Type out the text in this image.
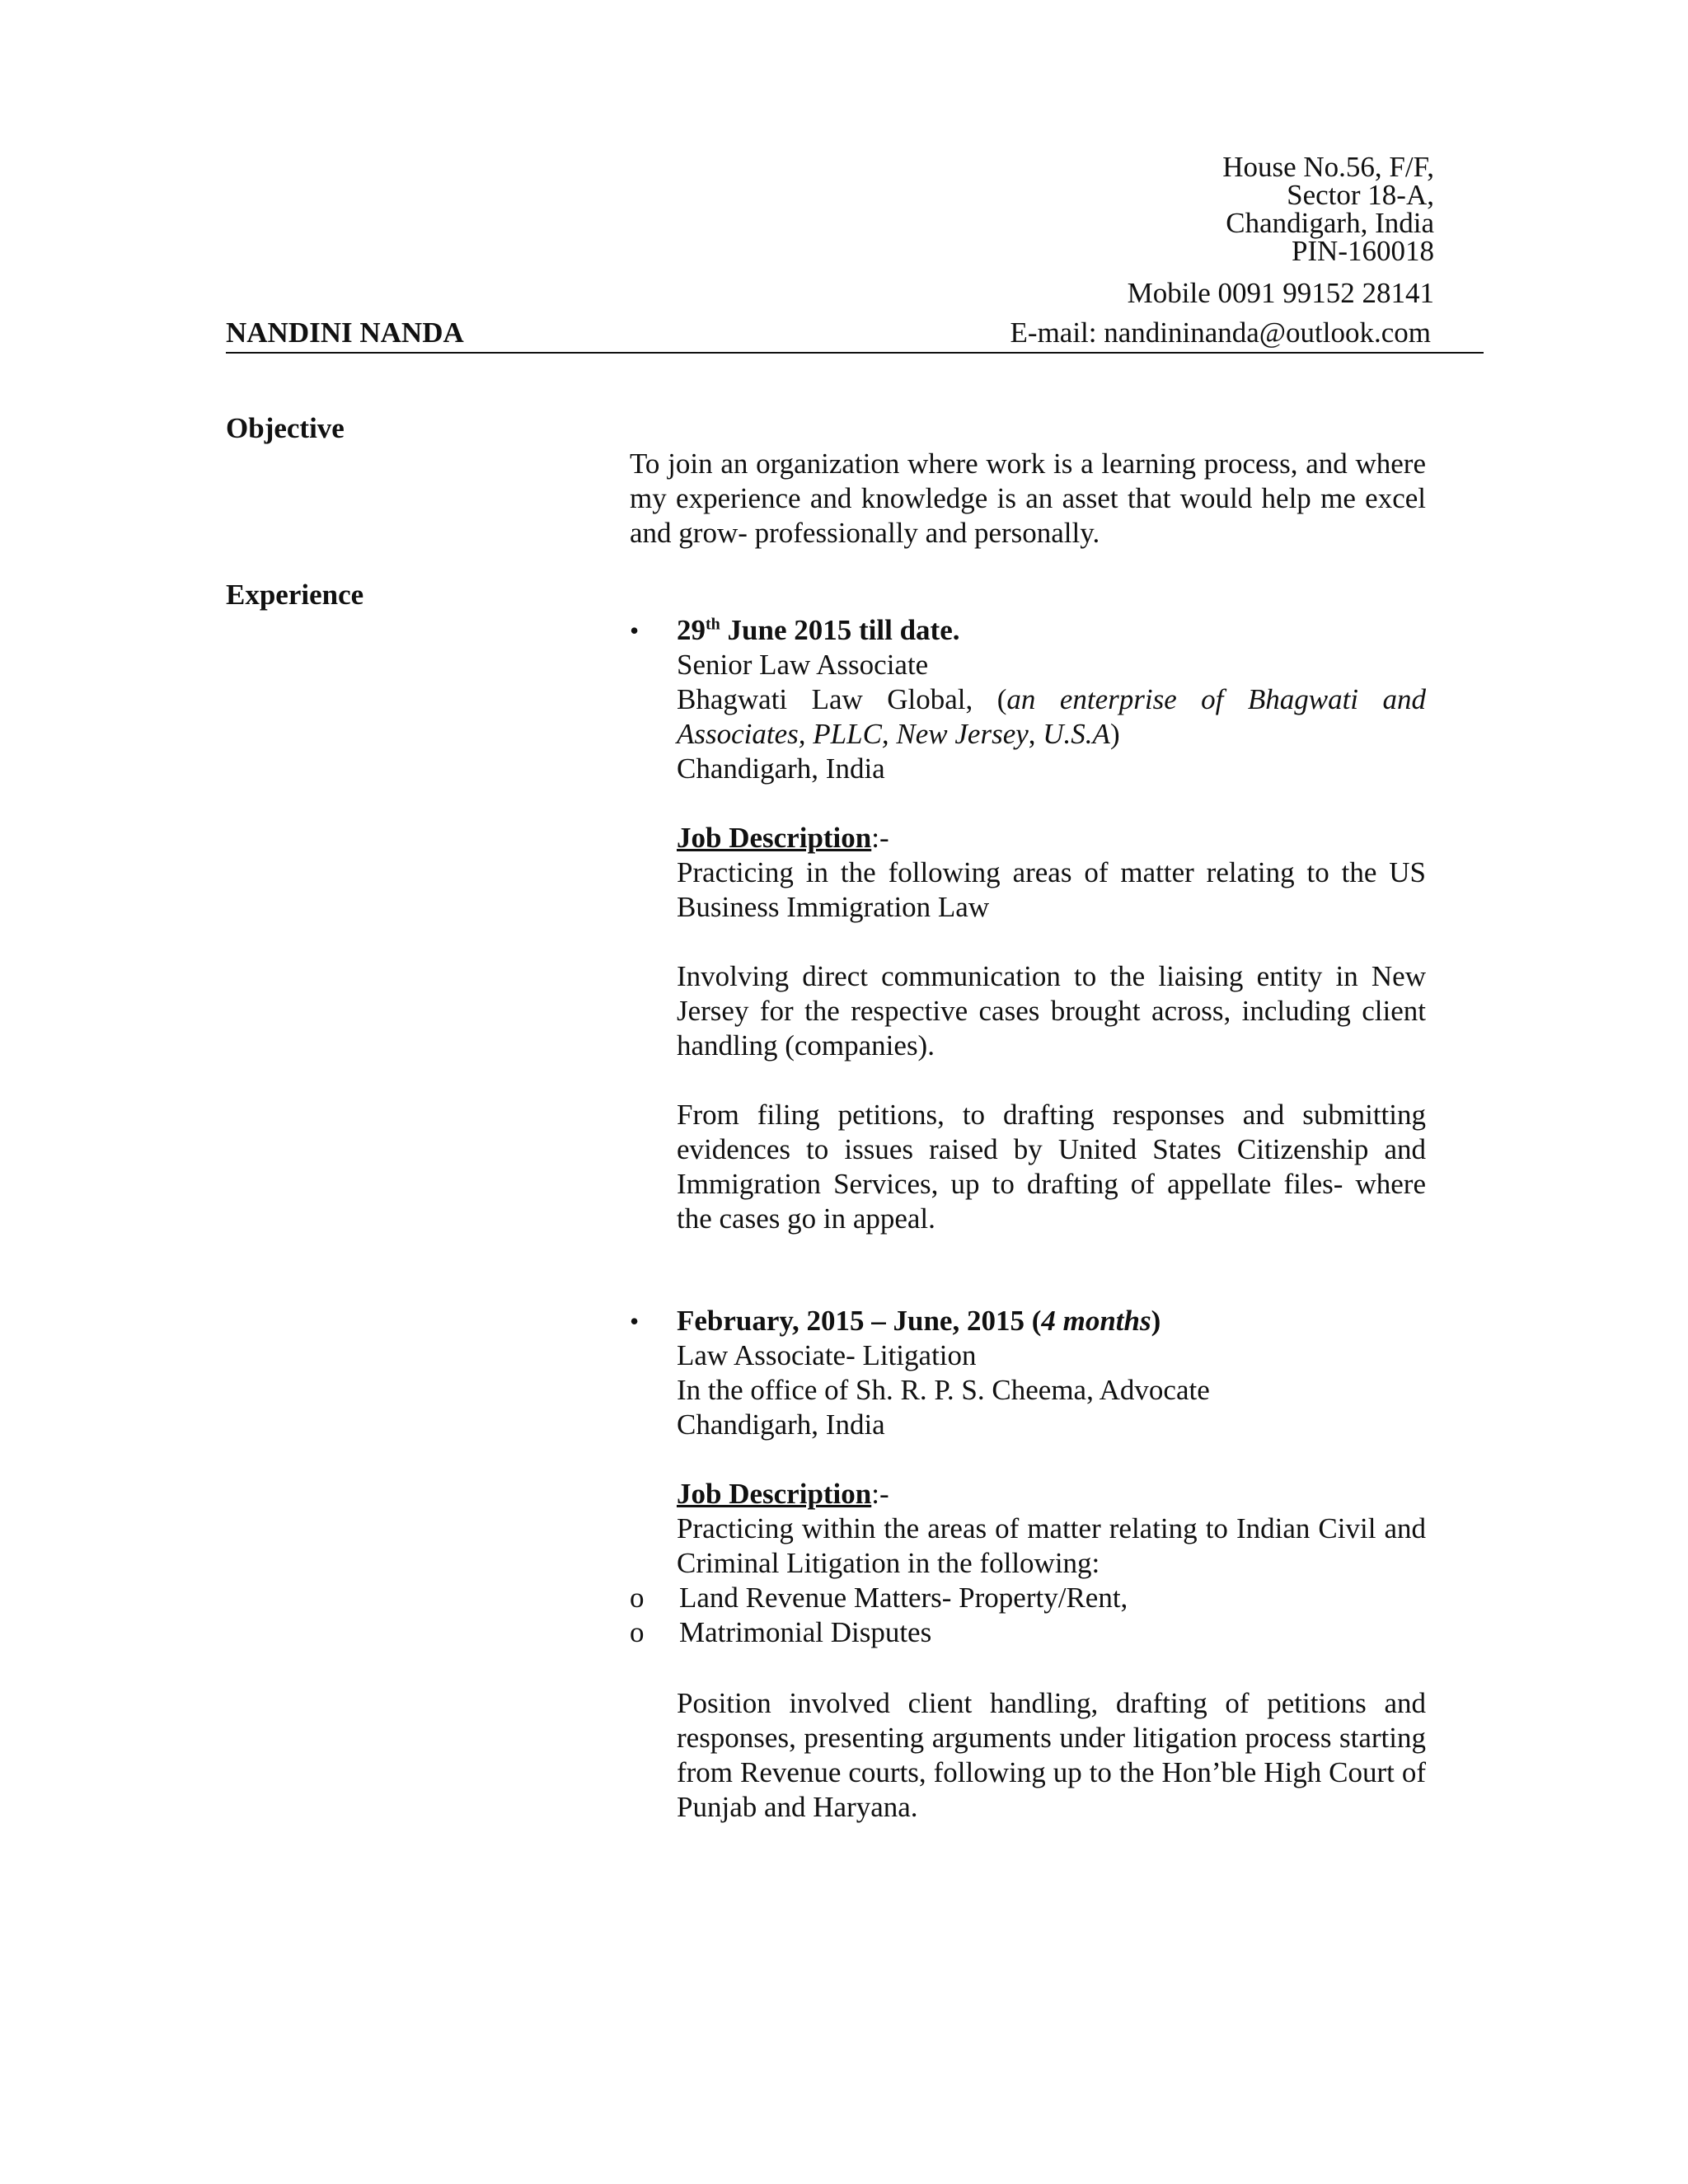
House No.56, F/F,
Sector 18-A,
Chandigarh, India
PIN-160018
Mobile 0091 99152 28141
NANDINI NANDA	E-mail: nandininanda@outlook.com
Objective
To join an organization where work is a learning process, and where my experience and knowledge is an asset that would help me excel and grow- professionally and personally.
Experience
•	29th June 2015 till date.
Senior Law Associate
Bhagwati Law Global, (an enterprise of Bhagwati and Associates, PLLC, New Jersey, U.S.A)
Chandigarh, India
Job Description:-
Practicing in the following areas of matter relating to the US Business Immigration Law
Involving direct communication to the liaising entity in New Jersey for the respective cases brought across, including client handling (companies).
From filing petitions, to drafting responses and submitting evidences to issues raised by United States Citizenship and Immigration Services, up to drafting of appellate files- where the cases go in appeal.
•	February, 2015 – June, 2015 (4 months)
Law Associate- Litigation
In the office of Sh. R. P. S. Cheema, Advocate
Chandigarh, India
Job Description:-
Practicing within the areas of matter relating to Indian Civil and Criminal Litigation in the following:
o Land Revenue Matters- Property/Rent,
o Matrimonial Disputes
Position involved client handling, drafting of petitions and responses, presenting arguments under litigation process starting from Revenue courts, following up to the Hon’ble High Court of Punjab and Haryana.
